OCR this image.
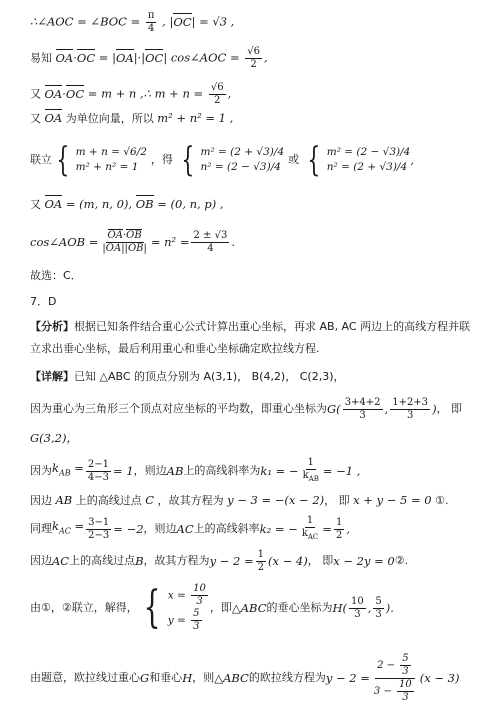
∴∠AOC = ∠BOC = $\frac{\pi}{4}$ , |OC| = √3 ,
易知 OA·OC = |OA|·|OC| cos∠AOC = $\frac{√6}{2}$ ,
又 OA·OC = m + n ,∴ $m + n = \frac{√6}{2}$ ,
又 OA 为单位向量，所以 m² + n² = 1 ,
联立 { m + n = √6/2
m² + n² = 1
，得 { m² = (2 + √3)/4
n² = (2 − √3)/4
或 { m² = (2 − √3)/4
n² = (2 + √3)/4 ,
又 OA = (m, n, 0), OB = (0, n, p) ,
cos∠AOB = $\frac{OA\cdot OB}{|OA||OB|} = n^2 = \frac{2 \pm √3}{4}$ .
故选：C．
7．D
【分析】根据已知条件结合重心公式计算出重心坐标，再求 AB, AC 两边上的高线方程并联
立求出垂心坐标，最后利用重心和垂心坐标确定欧拉线方程.
【详解】已知 △ABC 的顶点分别为 A(3,1)， B(4,2)， C(2,3)，
因为重心为三角形三个顶点对应坐标的平均数，即重心坐标为 $G( \frac{3+4+2}{3}$ , $\frac{1+2+3}{3}$ ) ， 即
G(3,2)，
因为 $k_{AB} = \frac{2-1}{4-3} = 1$ ，则边 AB 上的高线斜率为 k₁ = − $\frac{1}{k_{AB}} = -1$ ,
因边 AB 上的高线过点 C ，故其方程为 y − 3 = −(x − 2)， 即 x + y − 5 = 0 ①.
同理 $k_{AC} = \frac{3-1}{2-3} = -2$ ，则边 AC 上的高线斜率 k₂ = − $\frac{1}{k_{AC}} = \frac{1}{2}$ ,
因边 AC 上的高线过点 B ，故其方程为 $y - 2 = \frac{1}{2} (x - 4)$ ， 即 x − 2y = 0 ②.
由①，②联立，解得， { $x = \frac{10}{3}$
$y = \frac{5}{3}$
，即 △ABC 的垂心坐标为 $H( \frac{10}{3}$ , $\frac{5}{3}$ ).
由题意，欧拉线过重心 G 和垂心 H ，则 △ABC 的欧拉线方程为 $y - 2 = \frac{2 - \frac{5}{3}}{3 - \frac{10}{3}} (x - 3)$
